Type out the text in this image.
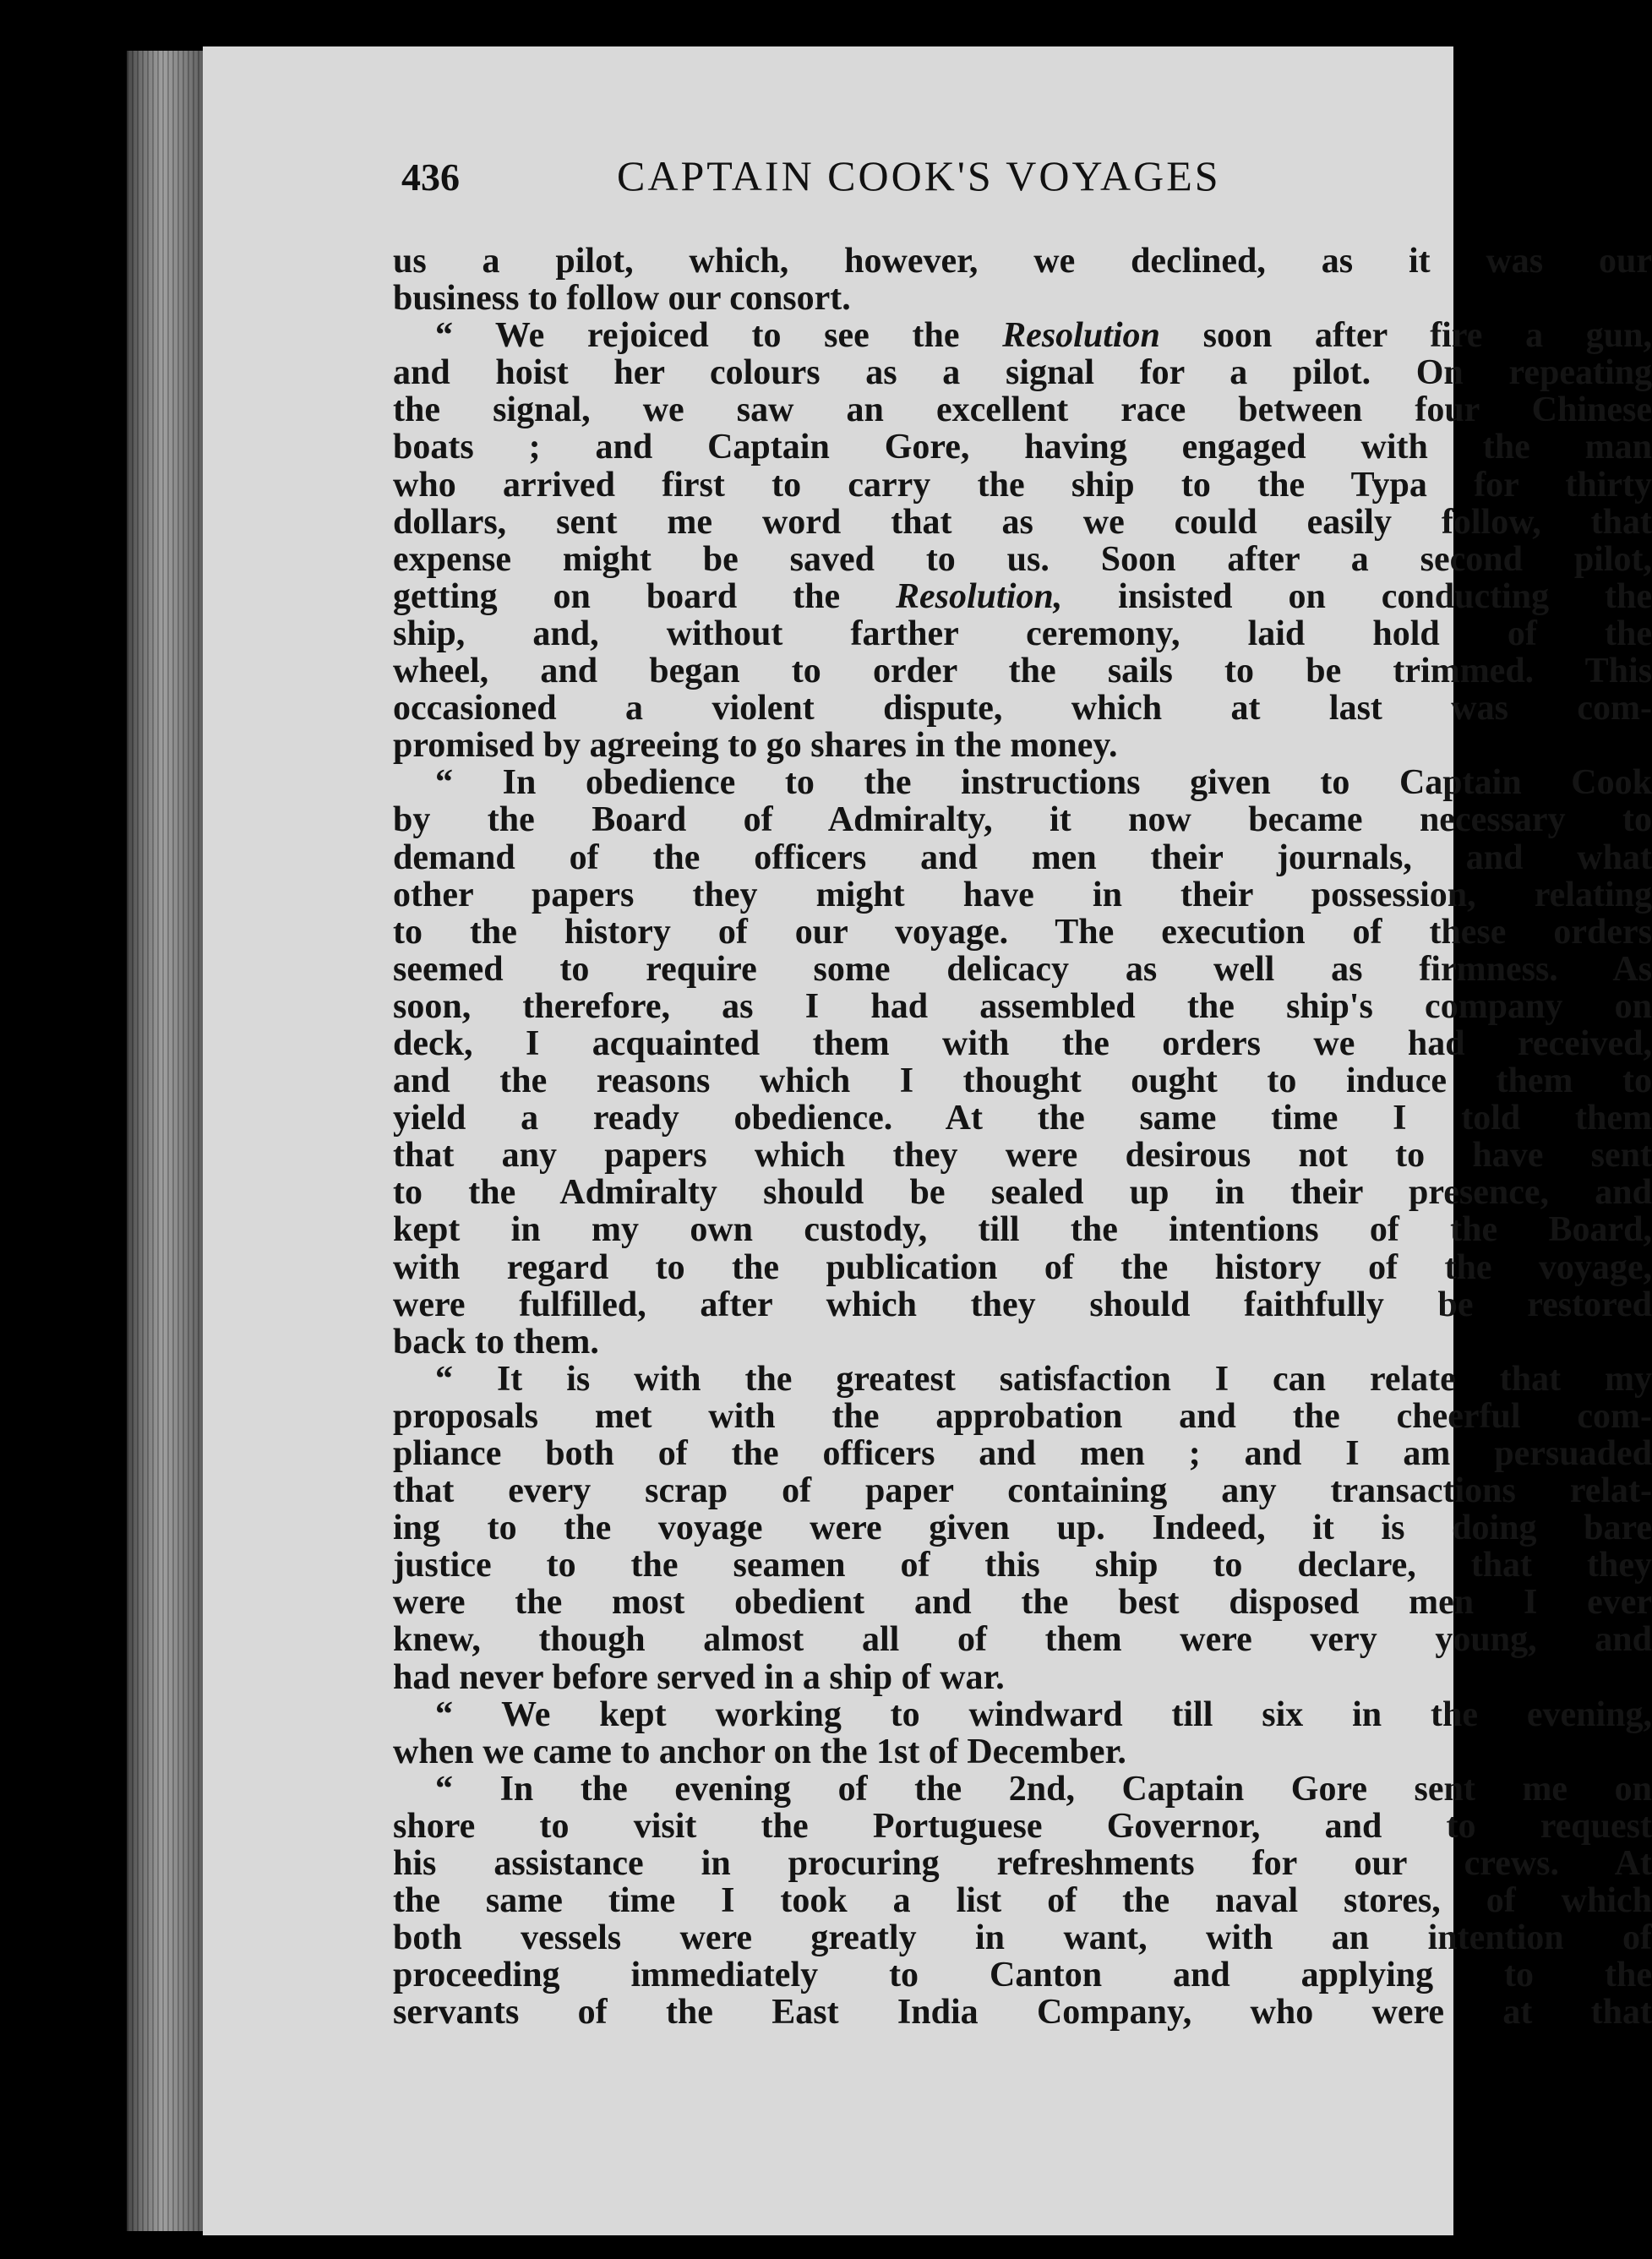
436	CAPTAIN COOK'S VOYAGES
us a pilot, which, however, we declined, as it was our
business to follow our consort.
“ We rejoiced to see the Resolution soon after fire a gun,
and hoist her colours as a signal for a pilot. On repeating
the signal, we saw an excellent race between four Chinese
boats ; and Captain Gore, having engaged with the man
who arrived first to carry the ship to the Typa for thirty
dollars, sent me word that as we could easily follow, that
expense might be saved to us. Soon after a second pilot,
getting on board the Resolution, insisted on conducting the
ship, and, without farther ceremony, laid hold of the
wheel, and began to order the sails to be trimmed. This
occasioned a violent dispute, which at last was com-
promised by agreeing to go shares in the money.
“ In obedience to the instructions given to Captain Cook
by the Board of Admiralty, it now became necessary to
demand of the officers and men their journals, and what
other papers they might have in their possession, relating
to the history of our voyage. The execution of these orders
seemed to require some delicacy as well as firmness. As
soon, therefore, as I had assembled the ship's company on
deck, I acquainted them with the orders we had received,
and the reasons which I thought ought to induce them to
yield a ready obedience. At the same time I told them
that any papers which they were desirous not to have sent
to the Admiralty should be sealed up in their presence, and
kept in my own custody, till the intentions of the Board,
with regard to the publication of the history of the voyage,
were fulfilled, after which they should faithfully be restored
back to them.
“ It is with the greatest satisfaction I can relate that my
proposals met with the approbation and the cheerful com-
pliance both of the officers and men ; and I am persuaded
that every scrap of paper containing any transactions relat-
ing to the voyage were given up. Indeed, it is doing bare
justice to the seamen of this ship to declare, that they
were the most obedient and the best disposed men I ever
knew, though almost all of them were very young, and
had never before served in a ship of war.
“ We kept working to windward till six in the evening,
when we came to anchor on the 1st of December.
“ In the evening of the 2nd, Captain Gore sent me on
shore to visit the Portuguese Governor, and to request
his assistance in procuring refreshments for our crews. At
the same time I took a list of the naval stores, of which
both vessels were greatly in want, with an intention of
proceeding immediately to Canton and applying to the
servants of the East India Company, who were at that
